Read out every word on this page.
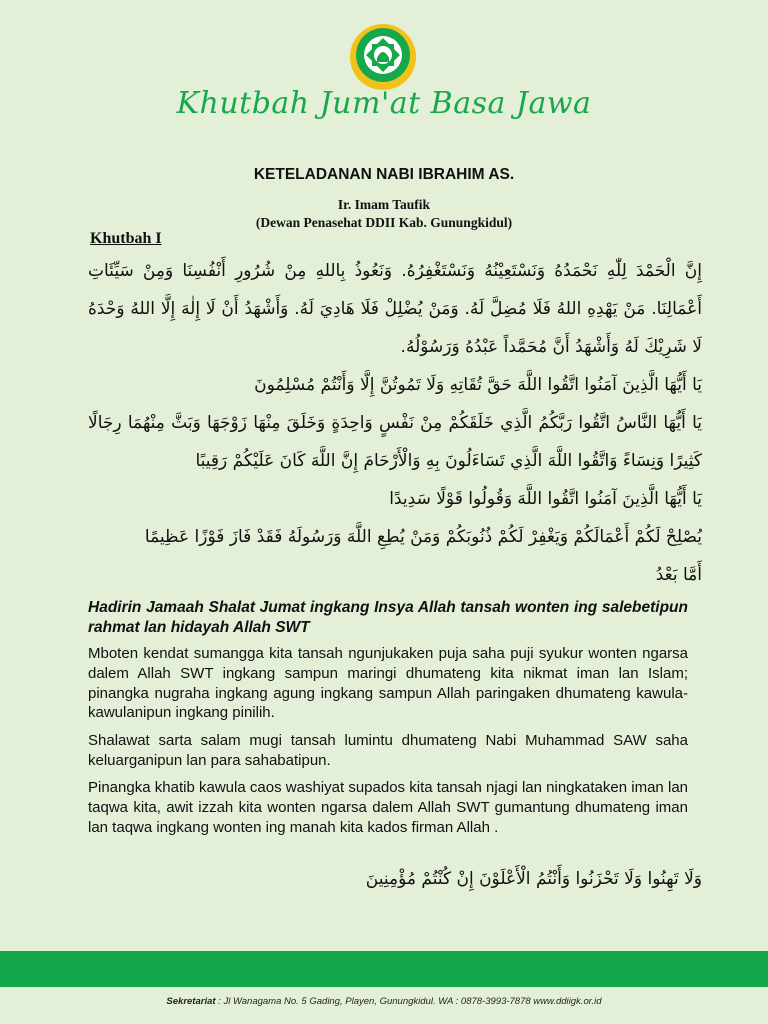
Khutbah Jum'at Basa Jawa
KETELADANAN NABI IBRAHIM AS.
Ir. Imam Taufik
(Dewan Penasehat DDII Kab. Gunungkidul)
Khutbah I

إِنَّ الْحَمْدَ لِلّٰهِ نَحْمَدُهُ وَنَسْتَعِيْنُهُ وَنَسْتَغْفِرُهُ. وَنَعُوذُ بِاللهِ مِنْ شُرُورِ أَنْفُسِنَا وَمِنْ سَيِّئَاتِ أَعْمَالِنَا. مَنْ يَهْدِهِ اللهُ فَلَا مُضِلَّ لَهُ. وَمَنْ يُضْلِلْ فَلَا هَادِيَ لَهُ. وَأَشْهَدُ أَنْ لَا إِلٰهَ إِلَّا اللهُ وَحْدَهُ لَا شَرِيْكَ لَهُ وَأَشْهَدُ أَنَّ مُحَمَّداً عَبْدُهُ وَرَسُوْلُهُ.

يَا أَيُّهَا الَّذِينَ آمَنُوا اتَّقُوا اللَّهَ حَقَّ تُقَاتِهِ وَلَا تَمُوتُنَّ إِلَّا وَأَنْتُمْ مُسْلِمُونَ

يَا أَيُّهَا النَّاسُ اتَّقُوا رَبَّكُمُ الَّذِي خَلَقَكُمْ مِنْ نَفْسٍ وَاحِدَةٍ وَخَلَقَ مِنْهَا زَوْجَهَا وَبَثَّ مِنْهُمَا رِجَالًا كَثِيرًا وَنِسَاءً وَاتَّقُوا اللَّهَ الَّذِي تَسَاءَلُونَ بِهِ وَالْأَرْحَامَ إِنَّ اللَّهَ كَانَ عَلَيْكُمْ رَقِيبًا

يَا أَيُّهَا الَّذِينَ آمَنُوا اتَّقُوا اللَّهَ وَقُولُوا قَوْلًا سَدِيدًا

يُصْلِحْ لَكُمْ أَعْمَالَكُمْ وَيَغْفِرْ لَكُمْ ذُنُوبَكُمْ وَمَنْ يُطِعِ اللَّهَ وَرَسُولَهُ فَقَدْ فَازَ فَوْزًا عَظِيمًا

أَمَّا بَعْدُ

Hadirin Jamaah Shalat Jumat ingkang Insya Allah tansah wonten ing salebetipun rahmat lan hidayah Allah SWT

Mboten kendat sumangga kita tansah ngunjukaken puja saha puji syukur wonten ngarsa dalem Allah SWT ingkang sampun maringi dhumateng kita nikmat iman lan Islam; pinangka nugraha ingkang agung ingkang sampun Allah paringaken dhumateng kawula-kawulanipun ingkang pinilih.

Shalawat sarta salam mugi tansah lumintu dhumateng Nabi Muhammad SAW saha keluarganipun lan para sahabatipun.

Pinangka khatib kawula caos washiyat supados kita tansah njagi lan ningkataken iman lan taqwa kita, awit izzah kita wonten ngarsa dalem Allah SWT gumantung dhumateng iman lan taqwa ingkang wonten ing manah kita kados firman Allah .

وَلَا تَهِنُوا وَلَا تَحْزَنُوا وَأَنْتُمُ الْأَعْلَوْنَ إِنْ كُنْتُمْ مُؤْمِنِينَ

Sekretariat : Jl Wanagama No. 5 Gading, Playen, Gunungkidul. WA : 0878-3993-7878 www.ddiigk.or.id
